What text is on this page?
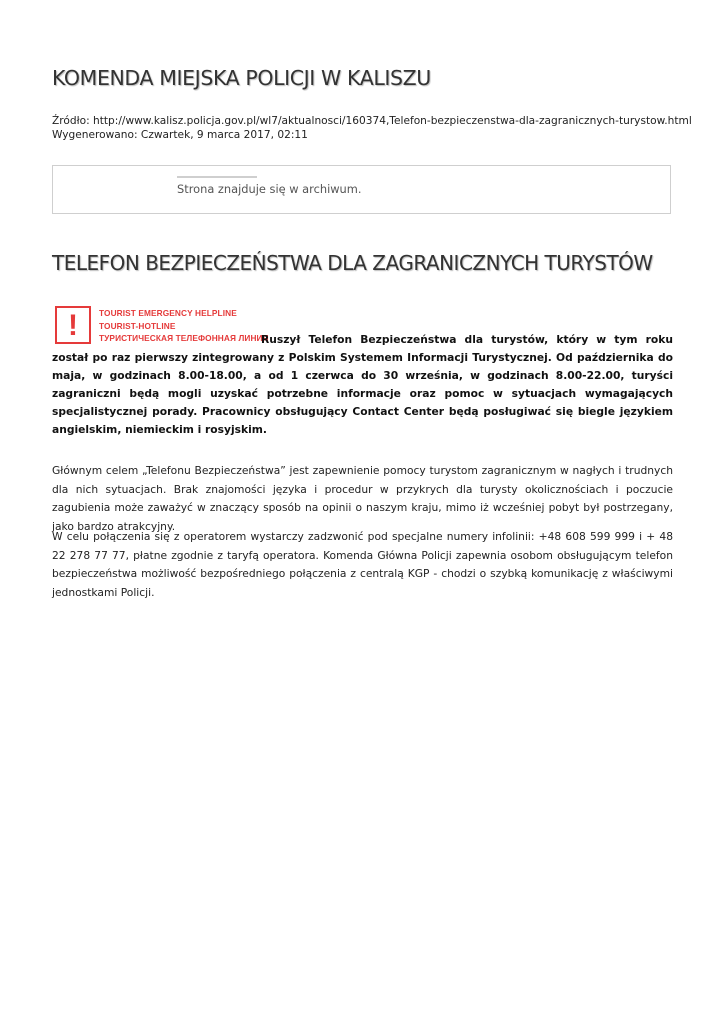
KOMENDA MIEJSKA POLICJI W KALISZU
Źródło: http://www.kalisz.policja.gov.pl/wl7/aktualnosci/160374,Telefon-bezpieczenstwa-dla-zagranicznych-turystow.html
Wygenerowano: Czwartek, 9 marca 2017, 02:11
Strona znajduje się w archiwum.
TELEFON BEZPIECZEŃSTWA DLA ZAGRANICZNYCH TURYSTÓW
!	TOURIST EMERGENCY HELPLINE
TOURIST-HOTLINE
ТУРИСТИЧЕСКАЯ ТЕЛЕФОННАЯ ЛИНИЯ

Ruszył Telefon Bezpieczeństwa dla turystów, który w tym roku został po raz pierwszy zintegrowany z Polskim Systemem Informacji Turystycznej. Od października do maja, w godzinach 8.00-18.00, a od 1 czerwca do 30 września, w godzinach 8.00-22.00, turyści zagraniczni będą mogli uzyskać potrzebne informacje oraz pomoc w sytuacjach wymagających specjalistycznej porady. Pracownicy obsługujący Contact Center będą posługiwać się biegle językiem angielskim, niemieckim i rosyjskim.

Głównym celem „Telefonu Bezpieczeństwa” jest zapewnienie pomocy turystom zagranicznym w nagłych i trudnych dla nich sytuacjach. Brak znajomości języka i procedur w przykrych dla turysty okolicznościach i poczucie zagubienia może zaważyć w znaczący sposób na opinii o naszym kraju, mimo iż wcześniej pobyt był postrzegany, jako bardzo atrakcyjny.

W celu połączenia się z operatorem wystarczy zadzwonić pod specjalne numery infolinii: +48 608 599 999 i + 48 22 278 77 77, płatne zgodnie z taryfą operatora. Komenda Główna Policji zapewnia osobom obsługującym telefon bezpieczeństwa możliwość bezpośredniego połączenia z centralą KGP - chodzi o szybką komunikację z właściwymi jednostkami Policji.
